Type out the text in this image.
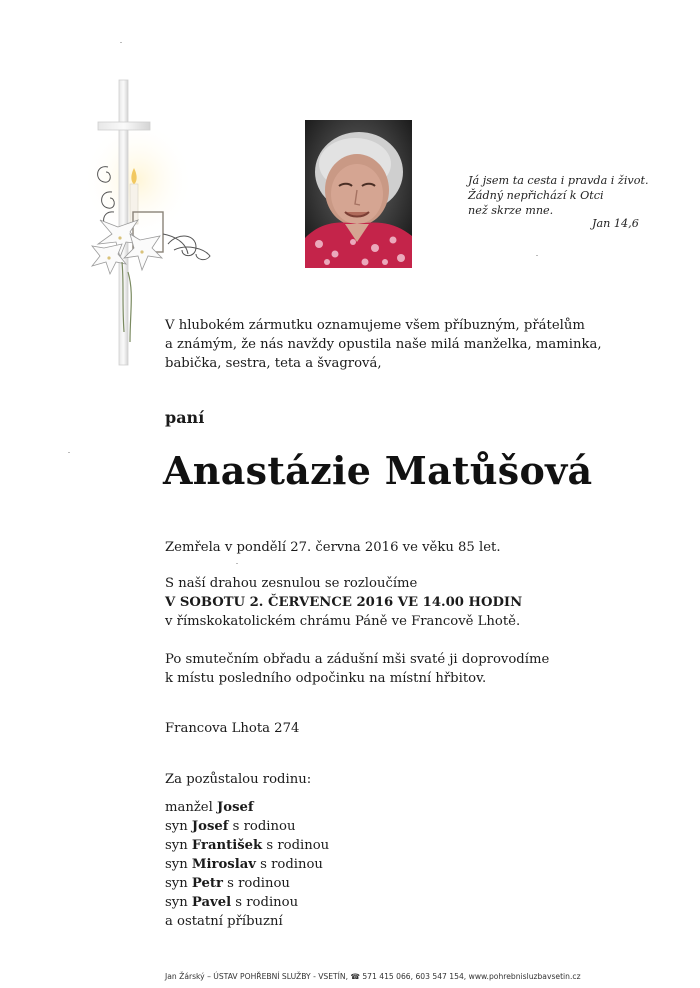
Já jsem ta cesta i pravda i život.
Žádný nepřichází k Otci
než skrze mne.
Jan 14,6
V hlubokém zármutku oznamujeme všem příbuzným, přátelům
a známým, že nás navždy opustila naše milá manželka, maminka,
babička, sestra, teta a švagrová,
paní
Anastázie Matůšová
Zemřela v pondělí 27. června 2016 ve věku 85 let.
S naší drahou zesnulou se rozloučíme
V SOBOTU 2. ČERVENCE 2016 VE 14.00 HODIN
v římskokatolickém chrámu Páně ve Francově Lhotě.
Po smutečním obřadu a zádušní mši svaté ji doprovodíme
k místu posledního odpočinku na místní hřbitov.
Francova Lhota 274
Za pozůstalou rodinu:
manžel Josef
syn Josef s rodinou
syn František s rodinou
syn Miroslav s rodinou
syn Petr s rodinou
syn Pavel s rodinou
a ostatní příbuzní
Jan Žárský – ÚSTAV POHŘEBNÍ SLUŽBY - VSETÍN, ☎ 571 415 066, 603 547 154, www.pohrebnisluzbavsetin.cz
